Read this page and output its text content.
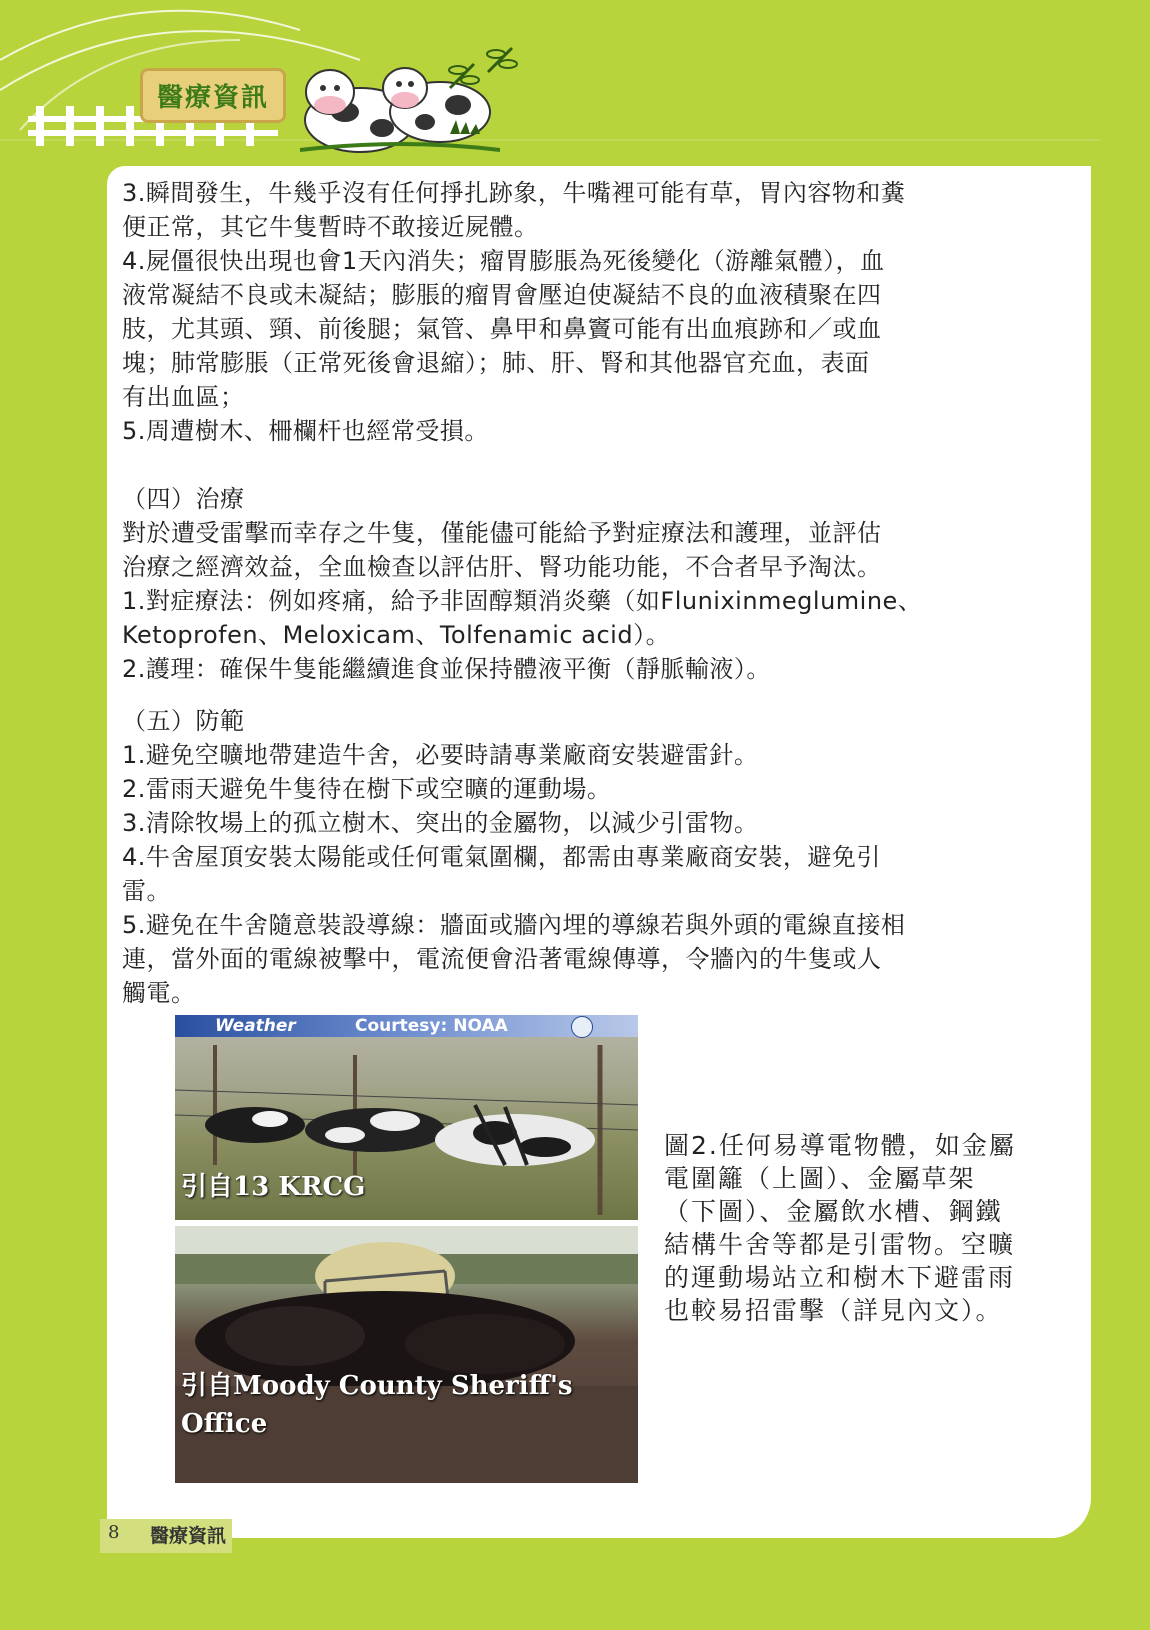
醫療資訊

3.瞬間發生，牛幾乎沒有任何掙扎跡象，牛嘴裡可能有草，胃內容物和糞

便正常，其它牛隻暫時不敢接近屍體。

4.屍僵很快出現也會1天內消失；瘤胃膨脹為死後變化（游離氣體），血

液常凝結不良或未凝結；膨脹的瘤胃會壓迫使凝結不良的血液積聚在四

肢，尤其頭、頸、前後腿；氣管、鼻甲和鼻竇可能有出血痕跡和／或血

塊；肺常膨脹（正常死後會退縮）；肺、肝、腎和其他器官充血，表面

有出血區；

5.周遭樹木、柵欄杆也經常受損。

（四）治療

對於遭受雷擊而幸存之牛隻，僅能儘可能給予對症療法和護理，並評估

治療之經濟效益，全血檢查以評估肝、腎功能功能，不合者早予淘汰。

1.對症療法：例如疼痛，給予非固醇類消炎藥（如Flunixinmeglumine、

Ketoprofen、Meloxicam、Tolfenamic acid）。

2.護理：確保牛隻能繼續進食並保持體液平衡（靜脈輸液）。

（五）防範

1.避免空曠地帶建造牛舍，必要時請專業廠商安裝避雷針。

2.雷雨天避免牛隻待在樹下或空曠的運動場。

3.清除牧場上的孤立樹木、突出的金屬物，以減少引雷物。

4.牛舍屋頂安裝太陽能或任何電氣圍欄，都需由專業廠商安裝，避免引

雷。

5.避免在牛舍隨意裝設導線：牆面或牆內埋的導線若與外頭的電線直接相

連，當外面的電線被擊中，電流便會沿著電線傳導，令牆內的牛隻或人

觸電。

Weather	Courtesy: NOAA
引自13 KRCG
引自Moody County Sheriff's
Office
圖2.任何易導電物體，如金屬
電圍籬（上圖）、金屬草架
（下圖）、金屬飲水槽、鋼鐵
結構牛舍等都是引雷物。空曠
的運動場站立和樹木下避雷雨
也較易招雷擊（詳見內文）。
8 醫療資訊
